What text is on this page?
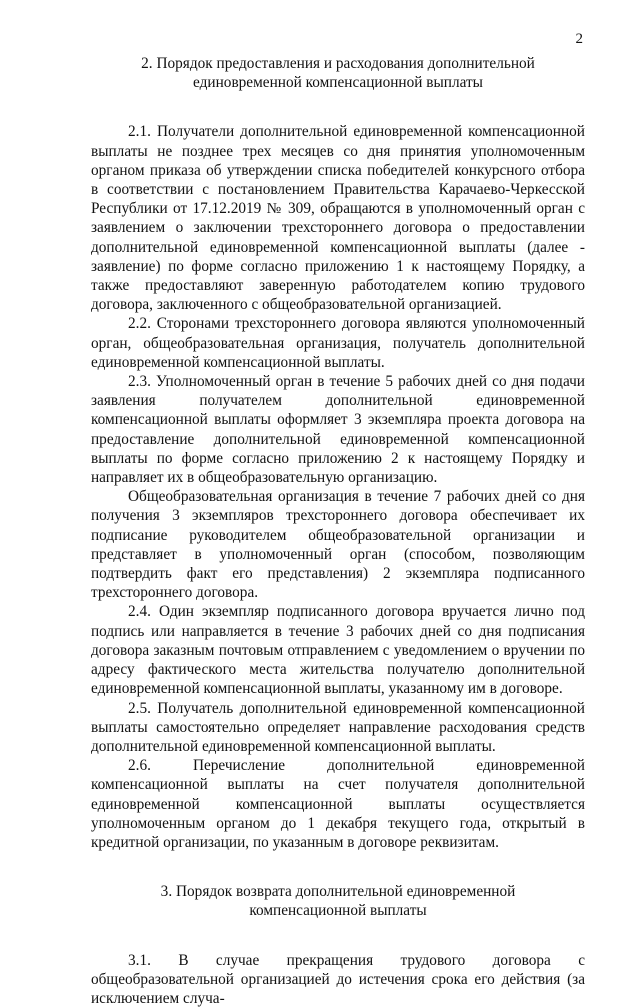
2
2. Порядок предоставления и расходования дополнительной
единовременной компенсационной выплаты

2.1. Получатели дополнительной единовременной компенсационной выплаты не позднее трех месяцев со дня принятия уполномоченным органом приказа об утверждении списка победителей конкурсного отбора в соответствии с постановлением Правительства Карачаево-Черкесской Республики от 17.12.2019 № 309, обращаются в уполномоченный орган с заявлением о заключении трехстороннего договора о предоставлении дополнительной единовременной компенсационной выплаты (далее - заявление) по форме согласно приложению 1 к настоящему Порядку, а также предоставляют заверенную работодателем копию трудового договора, заключенного с общеобразовательной организацией.

2.2. Сторонами трехстороннего договора являются уполномоченный орган, общеобразовательная организация, получатель дополнительной единовременной компенсационной выплаты.

2.3. Уполномоченный орган в течение 5 рабочих дней со дня подачи заявления получателем дополнительной единовременной компенсационной выплаты оформляет 3 экземпляра проекта договора на предоставление дополнительной единовременной компенсационной выплаты по форме согласно приложению 2 к настоящему Порядку и направляет их в общеобразовательную организацию.

Общеобразовательная организация в течение 7 рабочих дней со дня получения 3 экземпляров трехстороннего договора обеспечивает их подписание руководителем общеобразовательной организации и представляет в уполномоченный орган (способом, позволяющим подтвердить факт его представления) 2 экземпляра подписанного трехстороннего договора.

2.4. Один экземпляр подписанного договора вручается лично под подпись или направляется в течение 3 рабочих дней со дня подписания договора заказным почтовым отправлением с уведомлением о вручении по адресу фактического места жительства получателю дополнительной единовременной компенсационной выплаты, указанному им в договоре.

2.5. Получатель дополнительной единовременной компенсационной выплаты самостоятельно определяет направление расходования средств дополнительной единовременной компенсационной выплаты.

2.6. Перечисление дополнительной единовременной компенсационной выплаты на счет получателя дополнительной единовременной компенсационной выплаты осуществляется уполномоченным органом до 1 декабря текущего года, открытый в кредитной организации, по указанным в договоре реквизитам.

3. Порядок возврата дополнительной единовременной
компенсационной выплаты

3.1. В случае прекращения трудового договора с общеобразовательной организацией до истечения срока его действия (за исключением случа-
